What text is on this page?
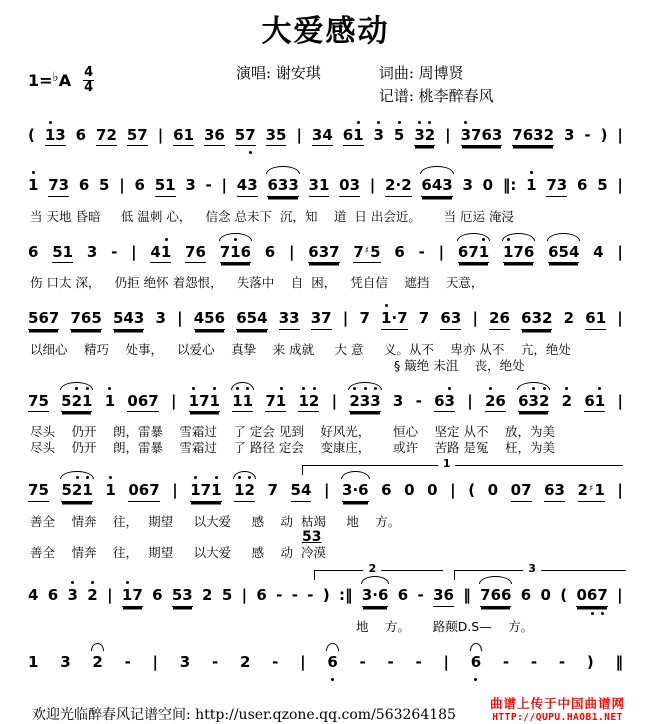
大爱感动
1= ♭ A $\frac{4}{4}$	演唱: 谢安琪	词曲: 周博贤
记谱: 桃李醉春风
( 1
3 6 72 57 | 61 36 57 35 | 34 61 3 5 3
2 | 3
763 7632 3 - ) |
1 73 6 5 | 6 51 3 - | 43 633 31 03 | 2·2 643 3 0 ‖: 1 73 6 5 |
当 天地 昏暗　  低 温刺 心，　  信念 总未下  沉，知　 道  日 出会近。　　 当 厄运 淹浸
6 51 3 - | 41 76 71
6 6 | 637 7♯5 6 - | 671 1
76 654 4 |
伤 口太 深，　  仍拒 绝怀 着怨恨，　  失落中　 自  困，　  凭自信　 遮挡　 天意，
567 765 543 3 | 456 654 33 37 | 7 1
·7 7 63 | 26 632 2 61 |
以细心　 精巧　 处事，　  以爱心　 真挚　 来 成就　  大 意　  义。从不　 卑亦 从不　 亢，绝处
§ 簸绝 未沮　 丧，绝处
75 52
1 1 067 | 1
71 1
1 71 1
2 | 2
3
3 3 - 63 | 2
6 63
2 2 61 |
尽头　 仍开　 朗，雷暴　 雪霜过　 了 定会 见到　 好风光，　　 恒心　 坚定 从不　 放，为美
尽头　 仍开　 朗，雷暴　 雪霜过　 了 路径 定会　 变康庄，　　 或许　 苦路 是冤　 枉，为美
1
75 52
1 1 067 | 1
71 1
2 7 54 | 3·6 6 0 0 | ( 0 07 63 2♯1 |
善全　 情奔　 往，　 期望　  以大爱　  感　 动  枯竭　  地　 方。
53
善全　 情奔　 往，　 期望　  以大爱　  感　 动  冷漠
2	3
4 6 3 2 | 1
7 6 53 2 5 | 6 - - - ) :‖ 3·6 6 - 36 ‖ 766 6 0 ( 06
7 |
地　 方。　　 路颠D.S—　 方。
1 3 2 - | 3 - 2 - | 6 - - - | 6 - - - ) ‖
欢迎光临醉春风记谱空间: http://user.qzone.qq.com/563264185
曲谱上传于中国曲谱网
HTTP://QUPU.HAOB1.NET
